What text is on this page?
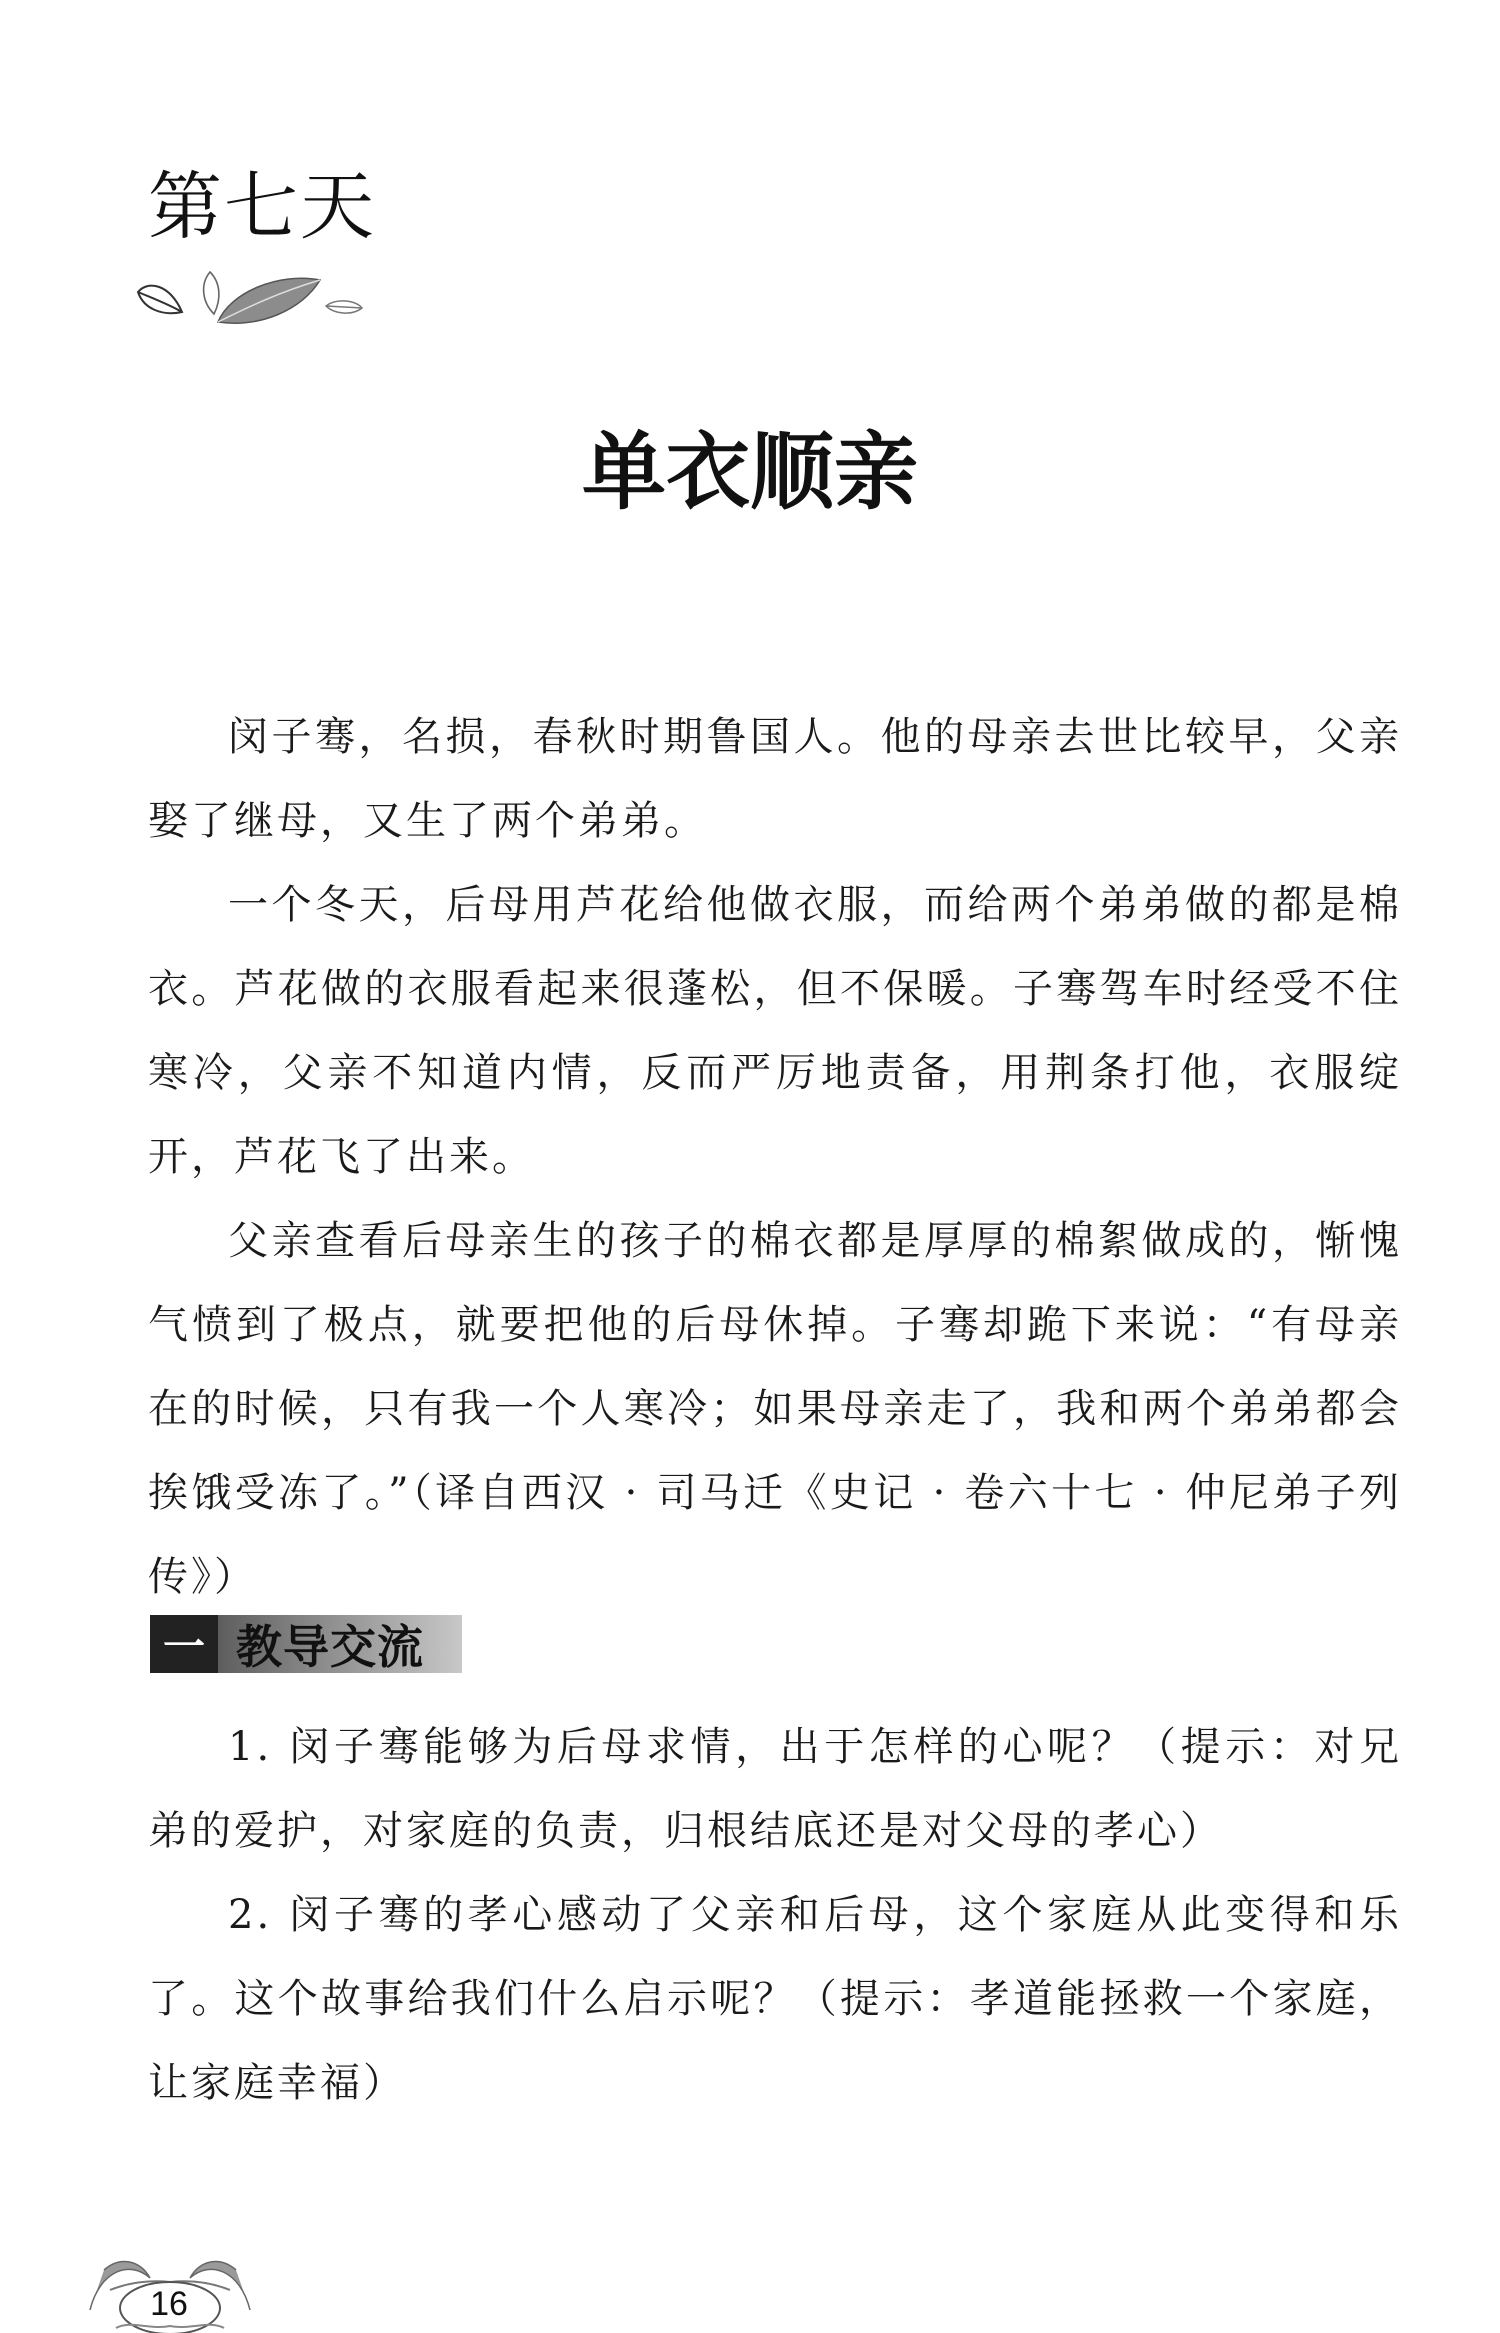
第七天
单衣顺亲

闵子骞，名损，春秋时期鲁国人。他的母亲去世比较早，父亲娶了继母，又生了两个弟弟。

一个冬天，后母用芦花给他做衣服，而给两个弟弟做的都是棉衣。芦花做的衣服看起来很蓬松，但不保暖。子骞驾车时经受不住寒冷，父亲不知道内情，反而严厉地责备，用荆条打他，衣服绽开，芦花飞了出来。

父亲查看后母亲生的孩子的棉衣都是厚厚的棉絮做成的，惭愧气愤到了极点，就要把他的后母休掉。子骞却跪下来说：“有母亲在的时候，只有我一个人寒冷；如果母亲走了，我和两个弟弟都会挨饿受冻了。”（译自西汉 · 司马迁《史记 · 卷六十七 · 仲尼弟子列传》）

一 教导交流

1. 闵子骞能够为后母求情，出于怎样的心呢？（提示：对兄弟的爱护，对家庭的负责，归根结底还是对父母的孝心）

2. 闵子骞的孝心感动了父亲和后母，这个家庭从此变得和乐了。这个故事给我们什么启示呢？（提示：孝道能拯救一个家庭，让家庭幸福）

16
